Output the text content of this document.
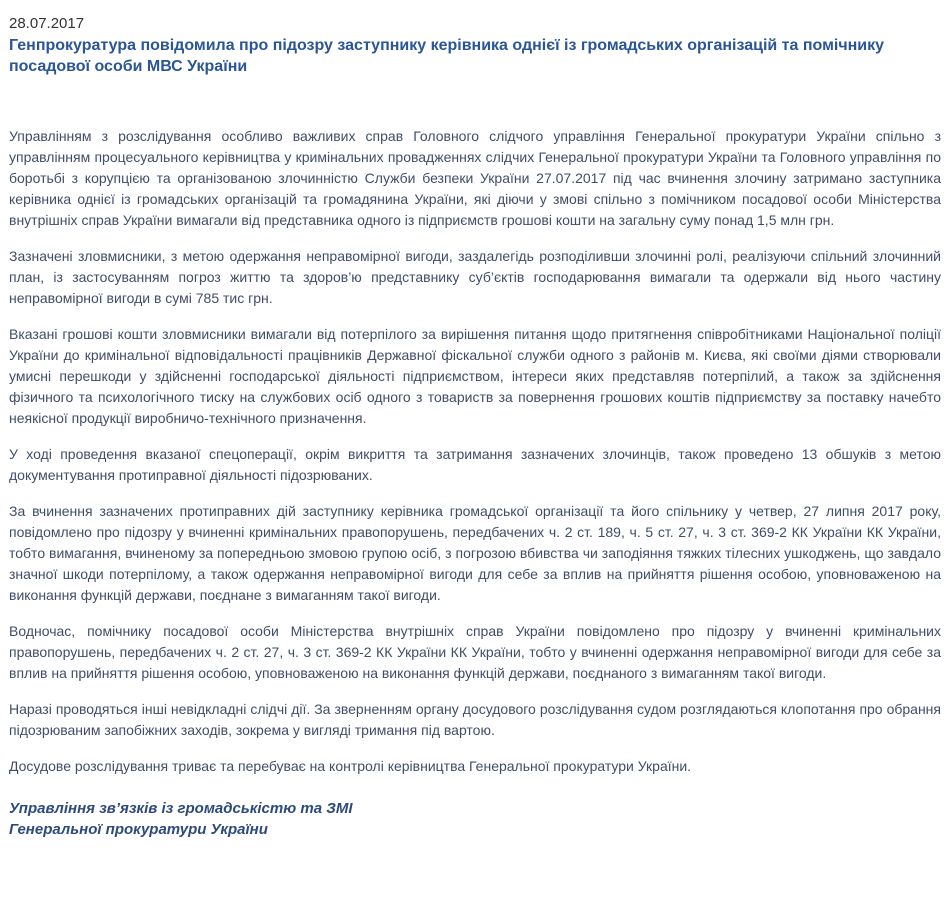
28.07.2017
Генпрокуратура повідомила про підозру заступнику керівника однієї із громадських організацій та помічнику посадової особи МВС України

Управлінням з розслідування особливо важливих справ Головного слідчого управління Генеральної прокуратури України спільно з управлінням процесуального керівництва у кримінальних провадженнях слідчих Генеральної прокуратури України та Головного управління по боротьбі з корупцією та організованою злочинністю Служби безпеки України 27.07.2017 під час вчинення злочину затримано заступника керівника однієї із громадських організацій та громадянина України, які діючи у змові спільно з помічником посадової особи Міністерства внутрішніх справ України вимагали від представника одного із підприємств грошові кошти на загальну суму понад 1,5 млн грн.

Зазначені зловмисники, з метою одержання неправомірної вигоди, заздалегідь розподіливши злочинні ролі, реалізуючи спільний злочинний план, із застосуванням погроз життю та здоров’ю представнику суб’єктів господарювання вимагали та одержали від нього частину неправомірної вигоди в сумі 785 тис грн.

Вказані грошові кошти зловмисники вимагали від потерпілого за вирішення питання щодо притягнення співробітниками Національної поліції України до кримінальної відповідальності працівників Державної фіскальної служби одного з районів м. Києва, які своїми діями створювали умисні перешкоди у здійсненні господарської діяльності підприємством, інтереси яких представляв потерпілий, а також за здійснення фізичного та психологічного тиску на службових осіб одного з товариств за повернення грошових коштів підприємству за поставку начебто неякісної продукції виробничо-технічного призначення.

У ході проведення вказаної спецоперації, окрім викриття та затримання зазначених злочинців, також проведено 13 обшуків з метою документування протиправної діяльності підозрюваних.

За вчинення зазначених протиправних дій заступнику керівника громадської організації та його спільнику у четвер, 27 липня 2017 року, повідомлено про підозру у вчиненні кримінальних правопорушень, передбачених ч. 2 ст. 189, ч. 5 ст. 27, ч. 3 ст. 369-2 КК України КК України, тобто вимагання, вчиненому за попередньою змовою групою осіб, з погрозою вбивства чи заподіяння тяжких тілесних ушкоджень, що завдало значної шкоди потерпілому, а також одержання неправомірної вигоди для себе за вплив на прийняття рішення особою, уповноваженою на виконання функцій держави, поєднане з вимаганням такої вигоди.

Водночас, помічнику посадової особи Міністерства внутрішніх справ України повідомлено про підозру у вчиненні кримінальних правопорушень, передбачених ч. 2 ст. 27, ч. 3 ст. 369-2 КК України КК України, тобто у вчиненні одержання неправомірної вигоди для себе за вплив на прийняття рішення особою, уповноваженою на виконання функцій держави, поєднаного з вимаганням такої вигоди.

Наразі проводяться інші невідкладні слідчі дії. За зверненням органу досудового розслідування судом розглядаються клопотання про обрання підозрюваним запобіжних заходів, зокрема у вигляді тримання під вартою.

Досудове розслідування триває та перебуває на контролі керівництва Генеральної прокуратури України.

Управління зв’язків із громадськістю та ЗМІ
Генеральної прокуратури України
